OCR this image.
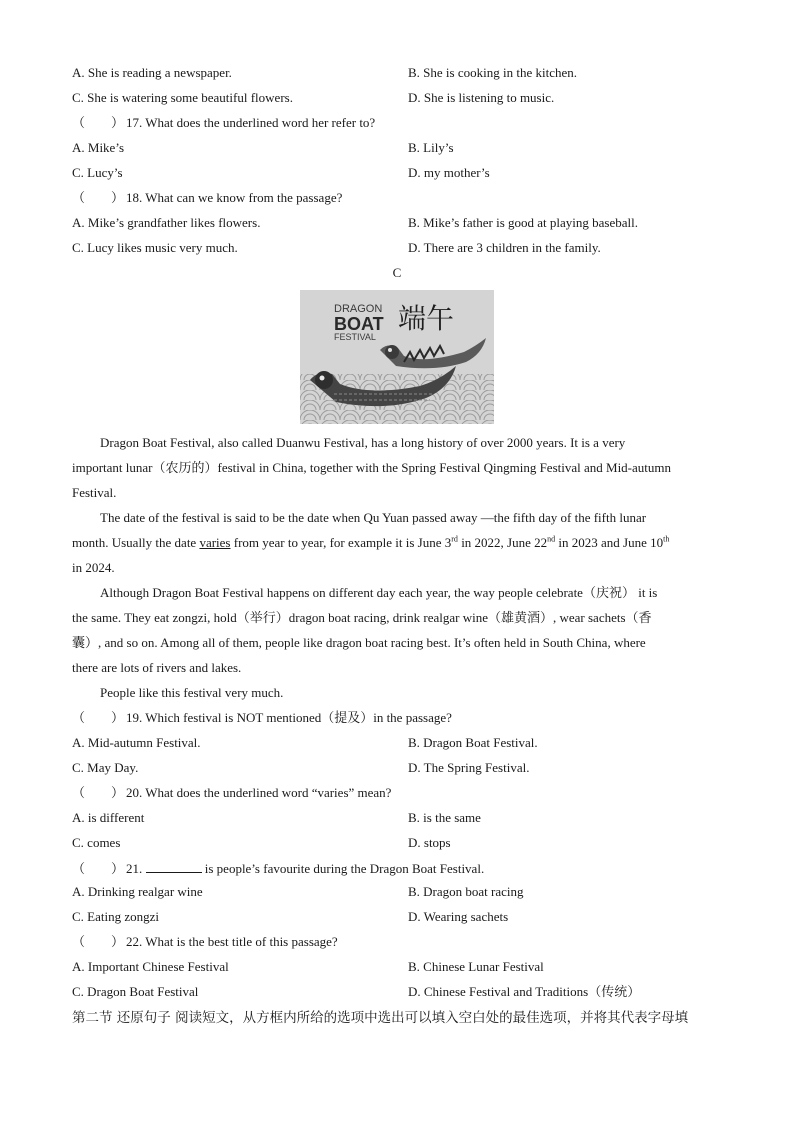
A. She is reading a newspaper.	B. She is cooking in the kitchen.
C. She is watering some beautiful flowers.	D. She is listening to music.
（　　） 17. What does the underlined word her refer to?
A. Mike’s	B. Lily’s
C. Lucy’s	D. my mother’s
（　　） 18. What can we know from the passage?
A. Mike’s grandfather likes flowers.	B. Mike’s father is good at playing baseball.
C. Lucy likes music very much.	D. There are 3 children in the family.
C
DRAGON
BOAT
FESTIVAL
端午
Dragon Boat Festival, also called Duanwu Festival, has a long history of over 2000 years. It is a very
important lunar（农历的）festival in China, together with the Spring Festival Qingming Festival and Mid-autumn
Festival.
The date of the festival is said to be the date when Qu Yuan passed away —the fifth day of the fifth lunar
month. Usually the date varies from year to year, for example it is June 3rd in 2022, June 22nd in 2023 and June 10th
in 2024.
Although Dragon Boat Festival happens on different day each year, the way people celebrate（庆祝） it is
the same. They eat zongzi, hold（举行）dragon boat racing, drink realgar wine（雄黄酒）, wear sachets（香
囊）, and so on. Among all of them, people like dragon boat racing best. It’s often held in South China, where
there are lots of rivers and lakes.
People like this festival very much.
（　　） 19. Which festival is NOT mentioned（提及）in the passage?
A. Mid-autumn Festival.	B. Dragon Boat Festival.
C. May Day.	D. The Spring Festival.
（　　） 20. What does the underlined word “varies” mean?
A. is different	B. is the same
C. comes	D. stops
（　　） 21.	is people’s favourite during the Dragon Boat Festival.
A. Drinking realgar wine	B. Dragon boat racing
C. Eating zongzi	D. Wearing sachets
（　　） 22. What is the best title of this passage?
A. Important Chinese Festival	B. Chinese Lunar Festival
C. Dragon Boat Festival	D. Chinese Festival and Traditions（传统）
第二节 还原句子 阅读短文，从方框内所给的选项中选出可以填入空白处的最佳选项，并将其代表字母填
